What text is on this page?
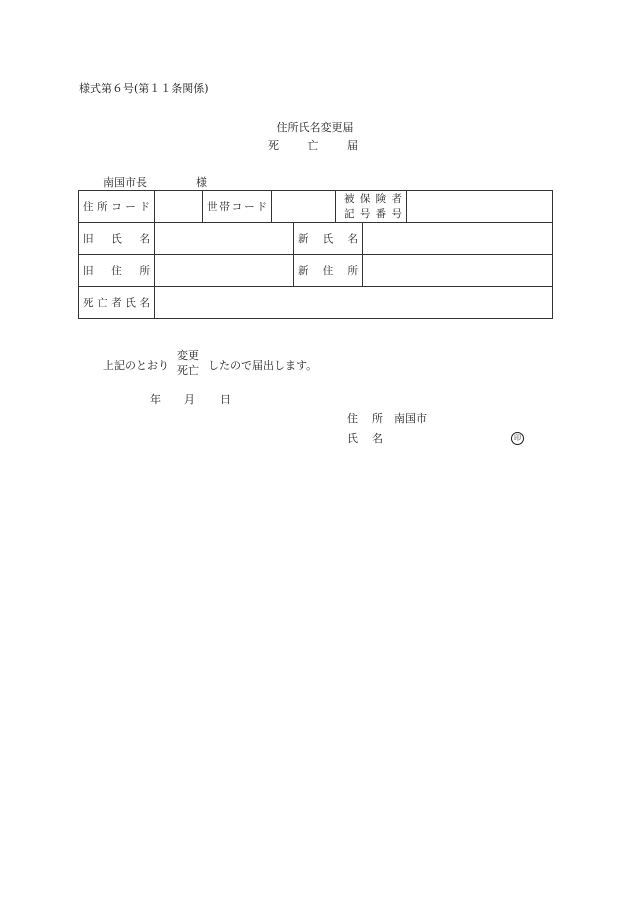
様式第６号(第１１条関係)
住所氏名変更届
死	亡	届
南国市長	様
住所コード		世帯コード			被保険者
記号番号		

旧　氏　名				新　氏　名			
旧　住　所				新　住　所			
死亡者氏名							
上記のとおり
変更
死亡 したので届出します。
年 月 日
住 所 南国市
氏 名	印
